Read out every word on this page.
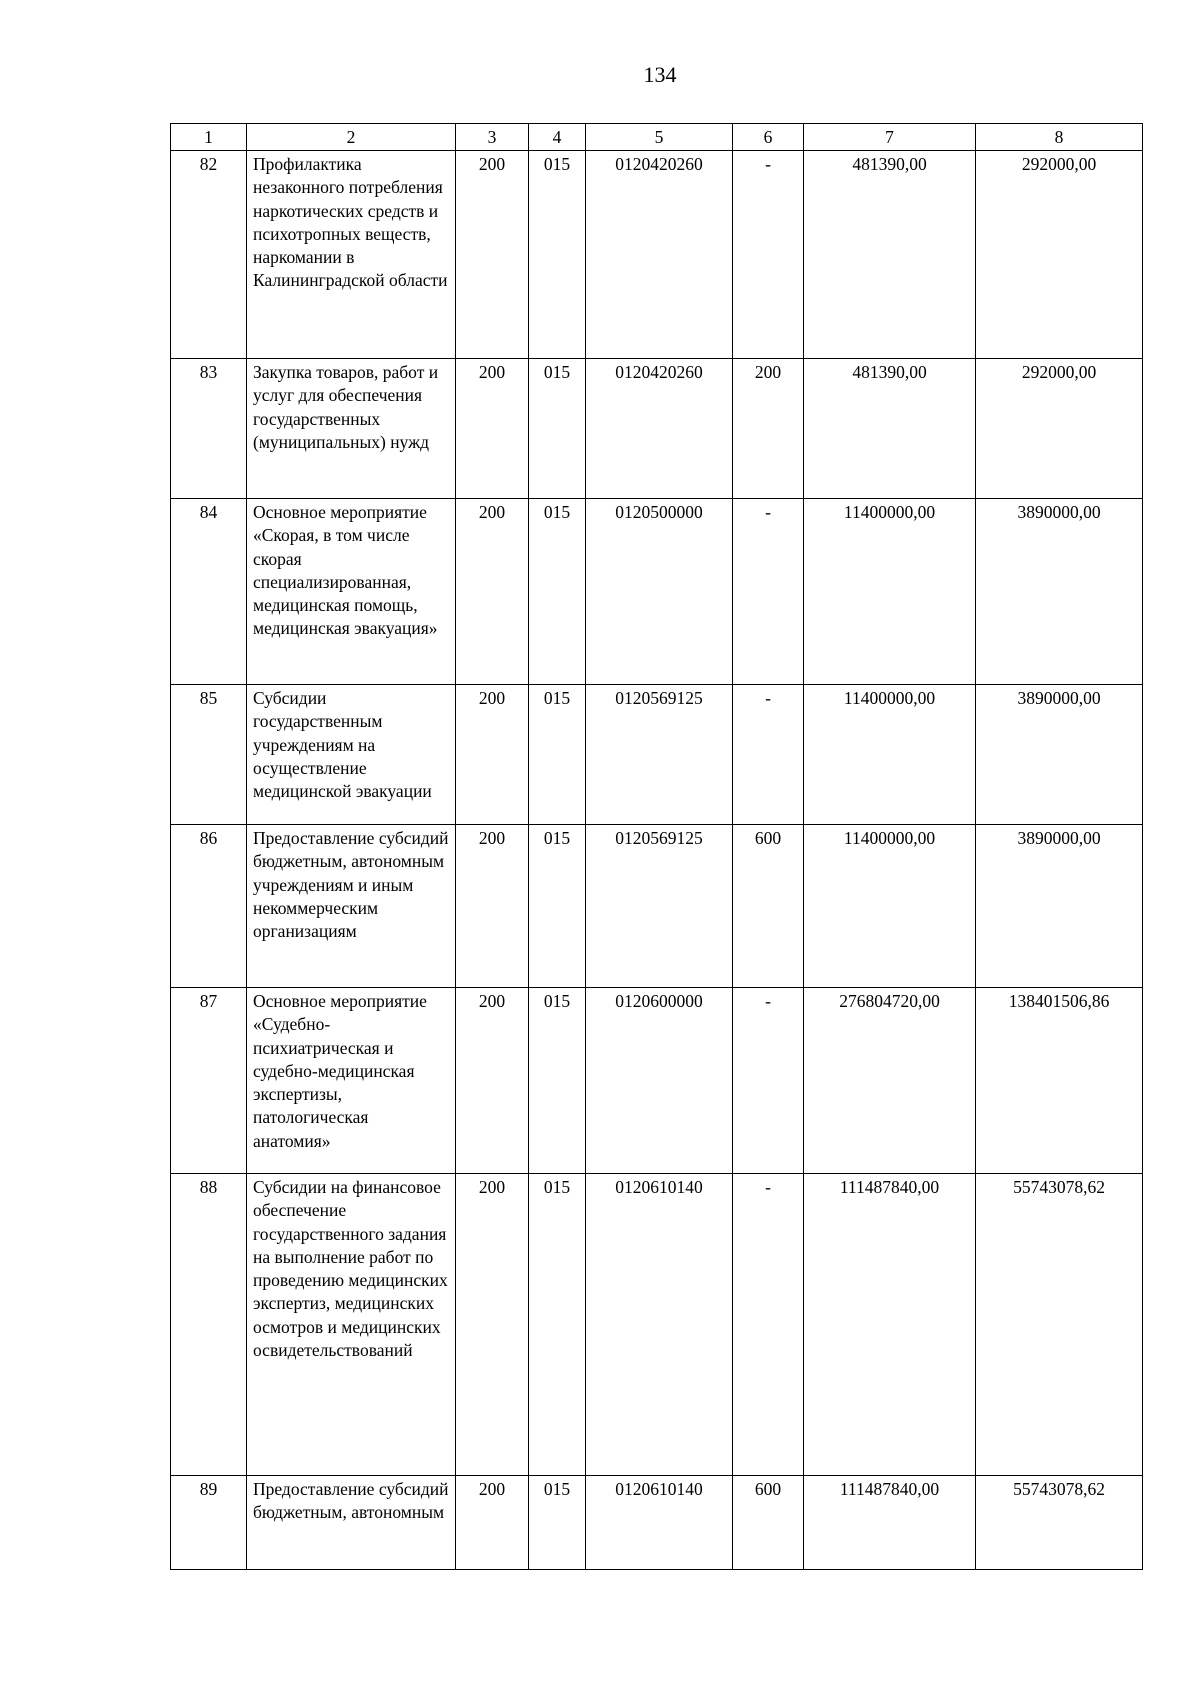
134
1	2	3	4	5	6	7	8
82	Профилактика незаконного потребления наркотических средств и психотропных веществ, наркомании в Калининградской области	200	015	0120420260	-	481390,00	292000,00
83	Закупка товаров, работ и услуг для обеспечения государственных (муниципальных) нужд	200	015	0120420260	200	481390,00	292000,00
84	Основное мероприятие «Скорая, в том числе скорая специализированная, медицинская помощь, медицинская эвакуация»	200	015	0120500000	-	11400000,00	3890000,00
85	Субсидии государственным учреждениям на осуществление медицинской эвакуации	200	015	0120569125	-	11400000,00	3890000,00
86	Предоставление субсидий бюджетным, автономным учреждениям и иным некоммерческим организациям	200	015	0120569125	600	11400000,00	3890000,00
87	Основное мероприятие «Судебно-психиатрическая и судебно-медицинская экспертизы, патологическая анатомия»	200	015	0120600000	-	276804720,00	138401506,86
88	Субсидии на финансовое обеспечение государственного задания на выполнение работ по проведению медицинских экспертиз, медицинских осмотров и медицинских освидетельствований	200	015	0120610140	-	111487840,00	55743078,62
89	Предоставление субсидий бюджетным, автономным	200	015	0120610140	600	111487840,00	55743078,62
